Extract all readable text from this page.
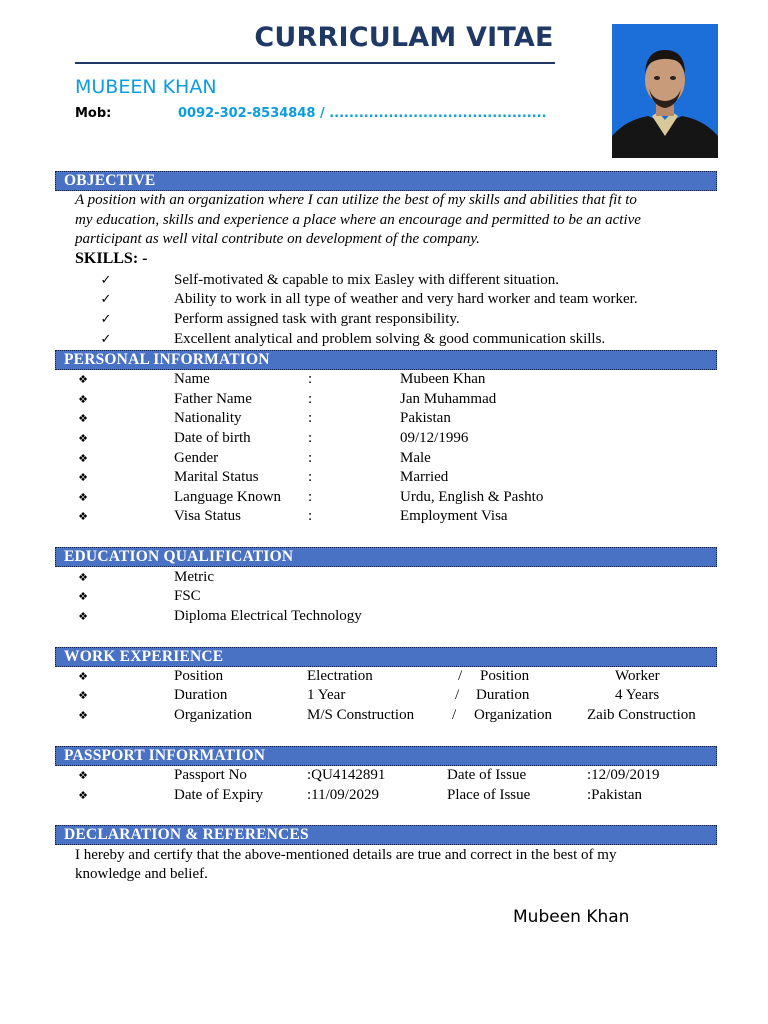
CURRICULAM VITAE
MUBEEN KHAN
Mob:	0092-302-8534848 / ............................................
OBJECTIVE
A position with an organization where I can utilize the best of my skills and abilities that fit to
my education, skills and experience a place where an encourage and permitted to be an active
participant as well vital contribute on development of the company.
SKILLS: -
✓	Self-motivated & capable to mix Easley with different situation.
✓	Ability to work in all type of weather and very hard worker and team worker.
✓	Perform assigned task with grant responsibility.
✓	Excellent analytical and problem solving & good communication skills.
PERSONAL INFORMATION
❖	Name	:	Mubeen Khan
❖	Father Name	:	Jan Muhammad
❖	Nationality	:	Pakistan
❖	Date of birth	:	09/12/1996
❖	Gender	:	Male
❖	Marital Status	:	Married
❖	Language Known :	Urdu, English & Pashto
❖	Visa Status	:	Employment Visa
EDUCATION QUALIFICATION
❖	Metric
❖	FSC
❖	Diploma Electrical Technology
WORK EXPERIENCE
❖	Position	Electration	/ Position	Worker
❖	Duration	1 Year	/ Duration	4 Years
❖	Organization	M/S Construction	/ Organization Zaib Construction
PASSPORT INFORMATION
❖	Passport No	:QU4142891	Date of Issue	:12/09/2019
❖	Date of Expiry	:11/09/2029	Place of Issue	:Pakistan
DECLARATION & REFERENCES
I hereby and certify that the above-mentioned details are true and correct in the best of my
knowledge and belief.
Mubeen Khan
